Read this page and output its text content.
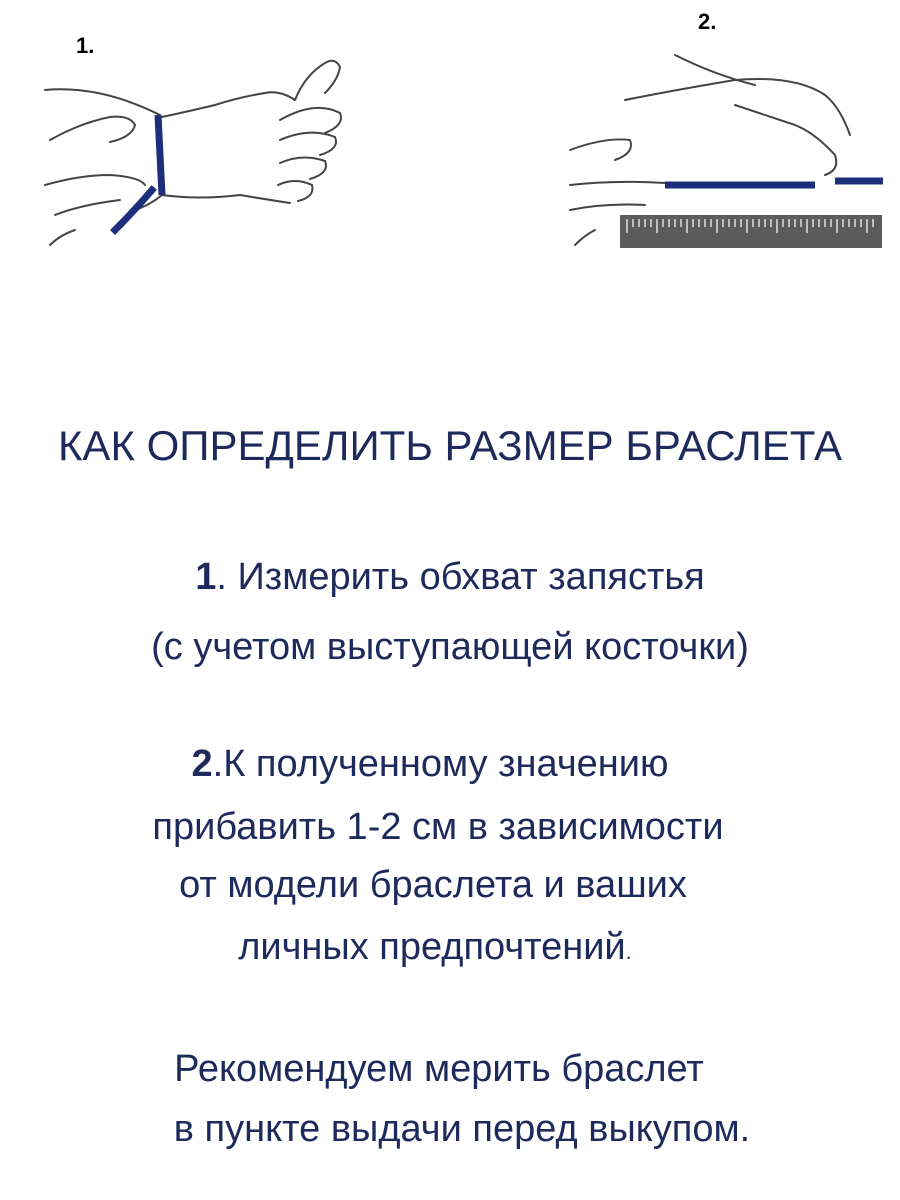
1.
2.
КАК ОПРЕДЕЛИТЬ РАЗМЕР БРАСЛЕТА
1. Измерить обхват запястья
(с учетом выступающей косточки)
2.К полученному значению
прибавить 1-2 см в зависимости
от модели браслета и ваших
личных предпочтений.
Рекомендуем мерить браслет
в пункте выдачи перед выкупом.
